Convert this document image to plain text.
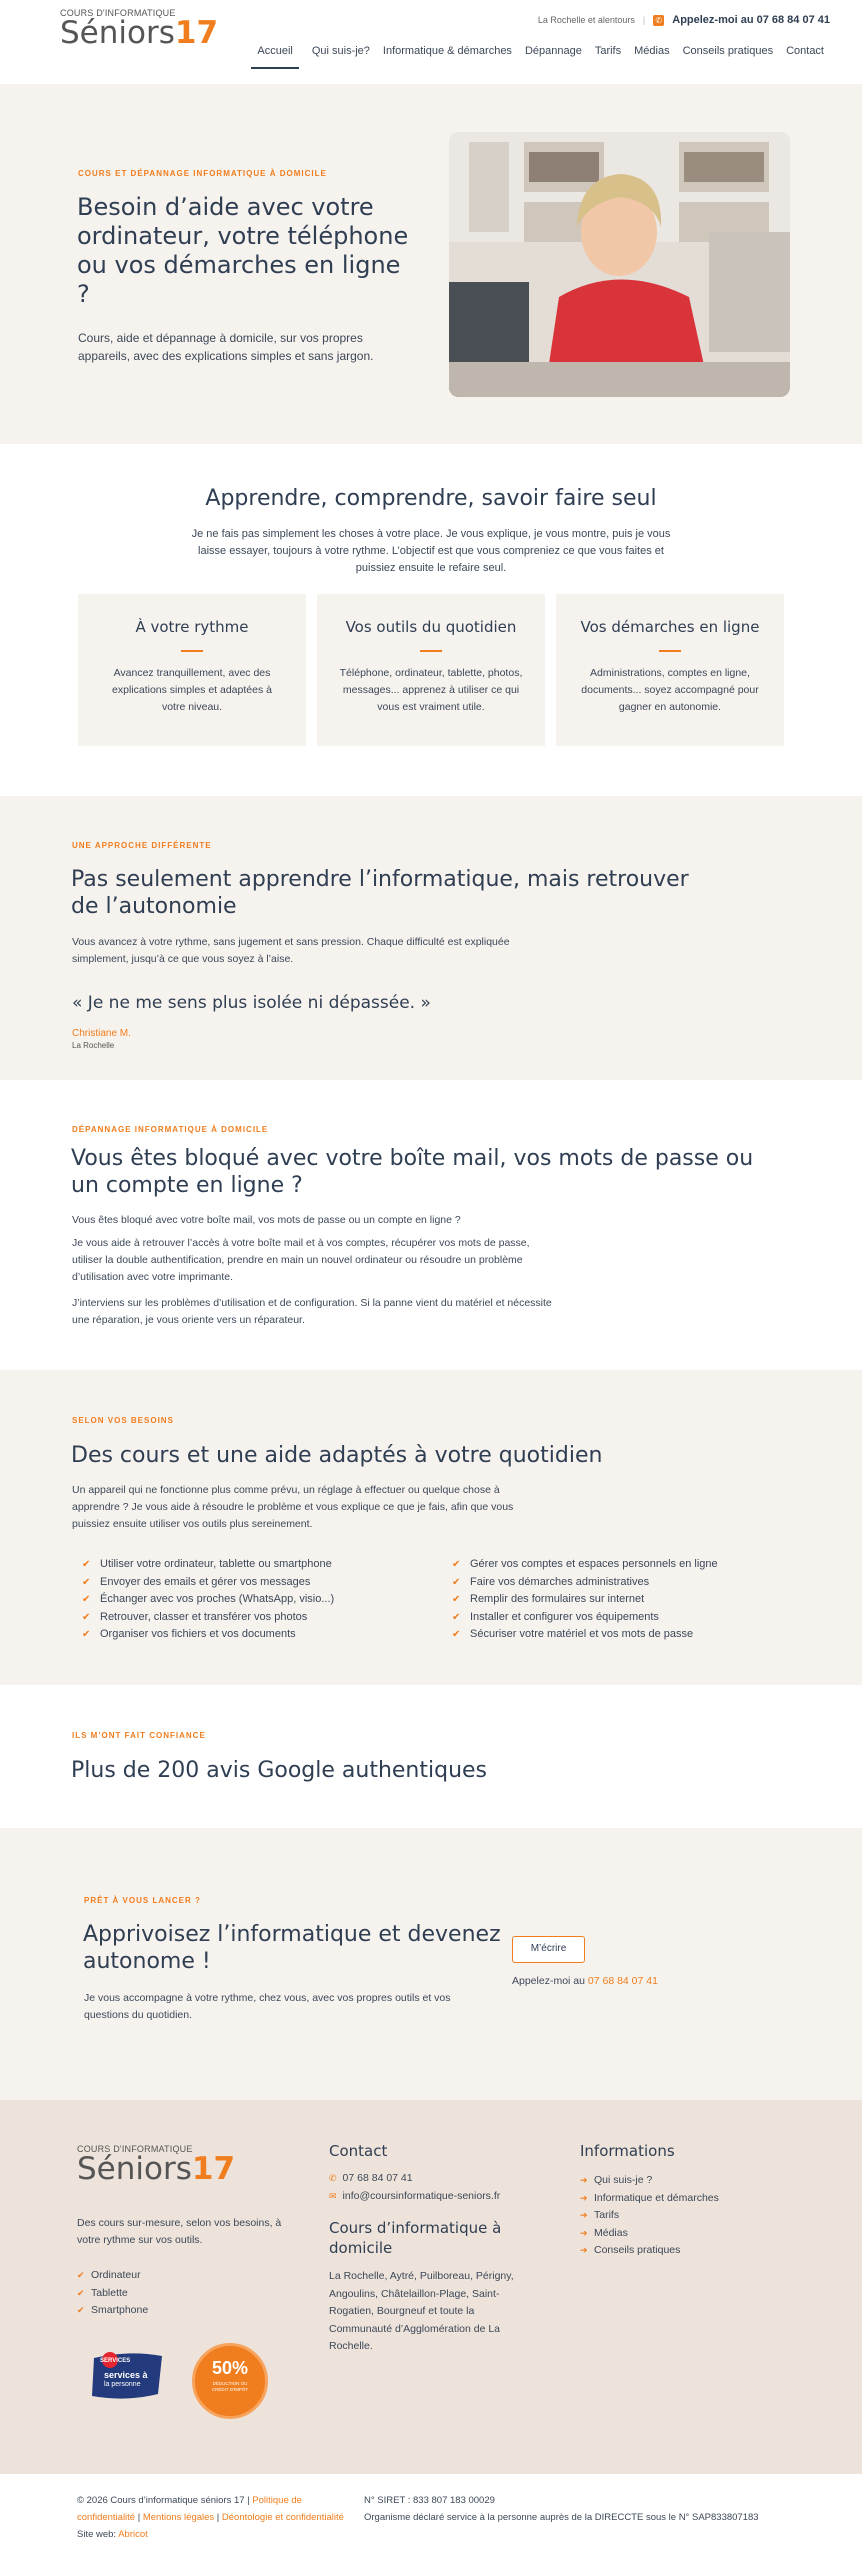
COURS D'INFORMATIQUE
Séniors17	La Rochelle et alentours | ✆ Appelez-moi au 07 68 84 07 41
Accueil	Qui suis-je? Informatique & démarches Dépannage Tarifs Médias Conseils pratiques Contact
COURS ET DÉPANNAGE INFORMATIQUE À DOMICILE
Besoin d’aide avec votre ordinateur, votre téléphone ou vos démarches en ligne ?

Cours, aide et dépannage à domicile, sur vos propres appareils, avec des explications simples et sans jargon.

Apprendre, comprendre, savoir faire seul

Je ne fais pas simplement les choses à votre place. Je vous explique, je vous montre, puis je vous laisse essayer, toujours à votre rythme. L’objectif est que vous compreniez ce que vous faites et puissiez ensuite le refaire seul.

À votre rythme
Avancez tranquillement, avec des explications simples et adaptées à votre niveau.
Vos outils du quotidien
Téléphone, ordinateur, tablette, photos, messages... apprenez à utiliser ce qui vous est vraiment utile.
Vos démarches en ligne
Administrations, comptes en ligne, documents... soyez accompagné pour gagner en autonomie.
UNE APPROCHE DIFFÉRENTE
Pas seulement apprendre l’informatique, mais retrouver de l’autonomie

Vous avancez à votre rythme, sans jugement et sans pression. Chaque difficulté est expliquée simplement, jusqu’à ce que vous soyez à l’aise.

« Je ne me sens plus isolée ni dépassée. »
Christiane M.
La Rochelle
DÉPANNAGE INFORMATIQUE À DOMICILE
Vous êtes bloqué avec votre boîte mail, vos mots de passe ou un compte en ligne ?

Vous êtes bloqué avec votre boîte mail, vos mots de passe ou un compte en ligne ?

Je vous aide à retrouver l’accès à votre boîte mail et à vos comptes, récupérer vos mots de passe, utiliser la double authentification, prendre en main un nouvel ordinateur ou résoudre un problème d’utilisation avec votre imprimante.

J’interviens sur les problèmes d’utilisation et de configuration. Si la panne vient du matériel et nécessite une réparation, je vous oriente vers un réparateur.

SELON VOS BESOINS
Des cours et une aide adaptés à votre quotidien

Un appareil qui ne fonctionne plus comme prévu, un réglage à effectuer ou quelque chose à apprendre ? Je vous aide à résoudre le problème et vous explique ce que je fais, afin que vous puissiez ensuite utiliser vos outils plus sereinement.

✔ Utiliser votre ordinateur, tablette ou smartphone
✔ Envoyer des emails et gérer vos messages
✔ Échanger avec vos proches (WhatsApp, visio...)
✔ Retrouver, classer et transférer vos photos
✔ Organiser vos fichiers et vos documents
✔ Gérer vos comptes et espaces personnels en ligne
✔ Faire vos démarches administratives
✔ Remplir des formulaires sur internet
✔ Installer et configurer vos équipements
✔ Sécuriser votre matériel et vos mots de passe
ILS M’ONT FAIT CONFIANCE
Plus de 200 avis Google authentiques
PRÊT À VOUS LANCER ?
Apprivoisez l’informatique et devenez autonome !

Je vous accompagne à votre rythme, chez vous, avec vos propres outils et vos questions du quotidien.

M’écrire
Appelez-moi au 07 68 84 07 41
COURS D'INFORMATIQUE
Séniors17

Des cours sur-mesure, selon vos besoins, à votre rythme sur vos outils.

✔ Ordinateur
✔ Tablette
✔ Smartphone
SERVICES
services à
la personne
50%
DÉDUCTION OU CRÉDIT D'IMPÔT
Contact
✆ 07 68 84 07 41
✉ info@coursinformatique-seniors.fr
Cours d’informatique à domicile

La Rochelle, Aytré, Puilboreau, Périgny, Angoulins, Châtelaillon-Plage, Saint-Rogatien, Bourgneuf et toute la Communauté d’Agglomération de La Rochelle.

Informations
➔ Qui suis-je ?
➔ Informatique et démarches
➔ Tarifs
➔ Médias
➔ Conseils pratiques
© 2026 Cours d’informatique séniors 17 | Politique de confidentialité | Mentions légales | Déontologie et confidentialité
Site web: Abricot
N° SIRET : 833 807 183 00029
Organisme déclaré service à la personne auprès de la DIRECCTE sous le N° SAP833807183
